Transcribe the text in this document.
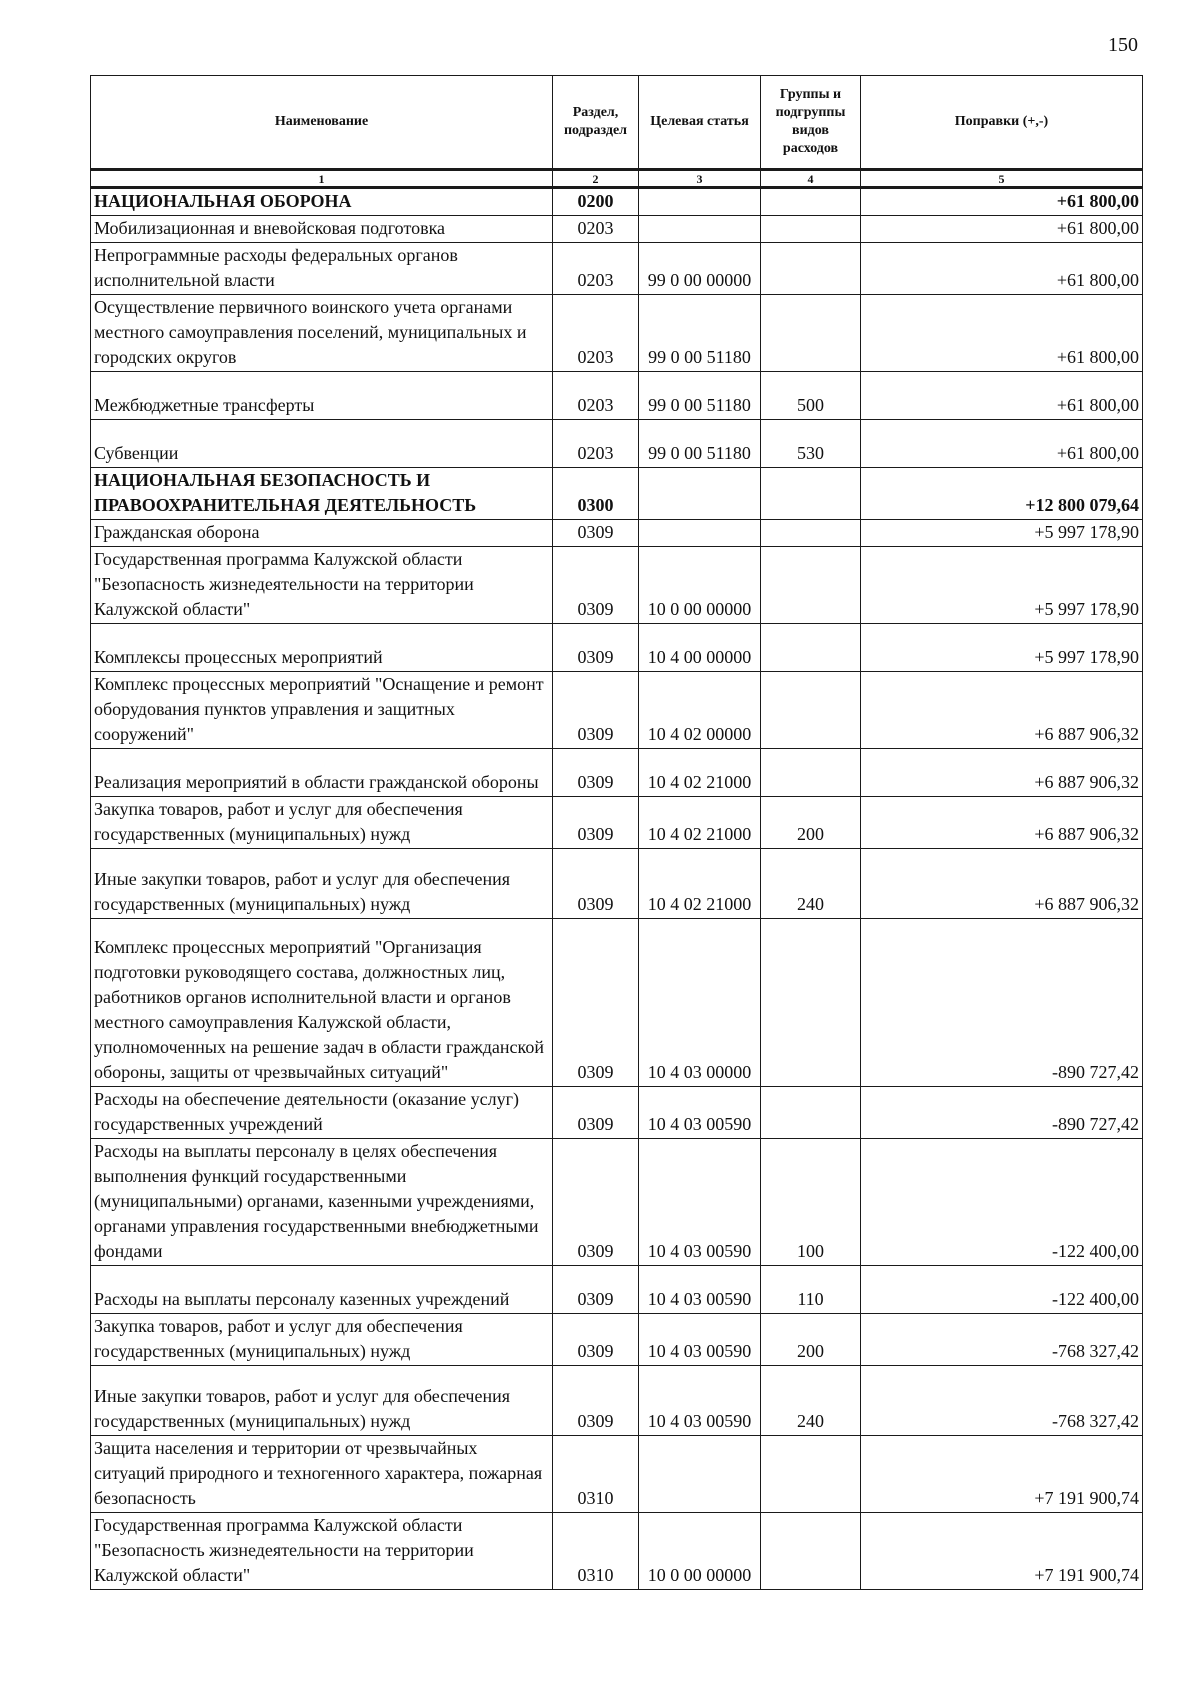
150
Наименование	Раздел, подраздел	Целевая статья	Группы и подгруппы видов расходов	Поправки (+,-)
1	2	3	4	5
НАЦИОНАЛЬНАЯ ОБОРОНА	0200			+61 800,00
Мобилизационная и вневойсковая подготовка	0203			+61 800,00
Непрограммные расходы федеральных органов исполнительной власти	0203	99 0 00 00000		+61 800,00
Осуществление первичного воинского учета органами местного самоуправления поселений, муниципальных и городских округов	0203	99 0 00 51180		+61 800,00
Межбюджетные трансферты	0203	99 0 00 51180	500	+61 800,00
Субвенции	0203	99 0 00 51180	530	+61 800,00
НАЦИОНАЛЬНАЯ БЕЗОПАСНОСТЬ И ПРАВООХРАНИТЕЛЬНАЯ ДЕЯТЕЛЬНОСТЬ	0300			+12 800 079,64
Гражданская оборона	0309			+5 997 178,90
Государственная программа Калужской области "Безопасность жизнедеятельности на территории Калужской области"	0309	10 0 00 00000		+5 997 178,90
Комплексы процессных мероприятий	0309	10 4 00 00000		+5 997 178,90
Комплекс процессных мероприятий "Оснащение и ремонт оборудования пунктов управления и защитных сооружений"	0309	10 4 02 00000		+6 887 906,32
Реализация мероприятий в области гражданской обороны	0309	10 4 02 21000		+6 887 906,32
Закупка товаров, работ и услуг для обеспечения государственных (муниципальных) нужд	0309	10 4 02 21000	200	+6 887 906,32
Иные закупки товаров, работ и услуг для обеспечения государственных (муниципальных) нужд	0309	10 4 02 21000	240	+6 887 906,32
Комплекс процессных мероприятий "Организация подготовки руководящего состава, должностных лиц, работников органов исполнительной власти и органов местного самоуправления Калужской области, уполномоченных на решение задач в области гражданской обороны, защиты от чрезвычайных ситуаций"	0309	10 4 03 00000		-890 727,42
Расходы на обеспечение деятельности (оказание услуг) государственных учреждений	0309	10 4 03 00590		-890 727,42
Расходы на выплаты персоналу в целях обеспечения выполнения функций государственными (муниципальными) органами, казенными учреждениями, органами управления государственными внебюджетными фондами	0309	10 4 03 00590	100	-122 400,00
Расходы на выплаты персоналу казенных учреждений	0309	10 4 03 00590	110	-122 400,00
Закупка товаров, работ и услуг для обеспечения государственных (муниципальных) нужд	0309	10 4 03 00590	200	-768 327,42
Иные закупки товаров, работ и услуг для обеспечения государственных (муниципальных) нужд	0309	10 4 03 00590	240	-768 327,42
Защита населения и территории от чрезвычайных ситуаций природного и техногенного характера, пожарная безопасность	0310			+7 191 900,74
Государственная программа Калужской области "Безопасность жизнедеятельности на территории Калужской области"	0310	10 0 00 00000		+7 191 900,74
